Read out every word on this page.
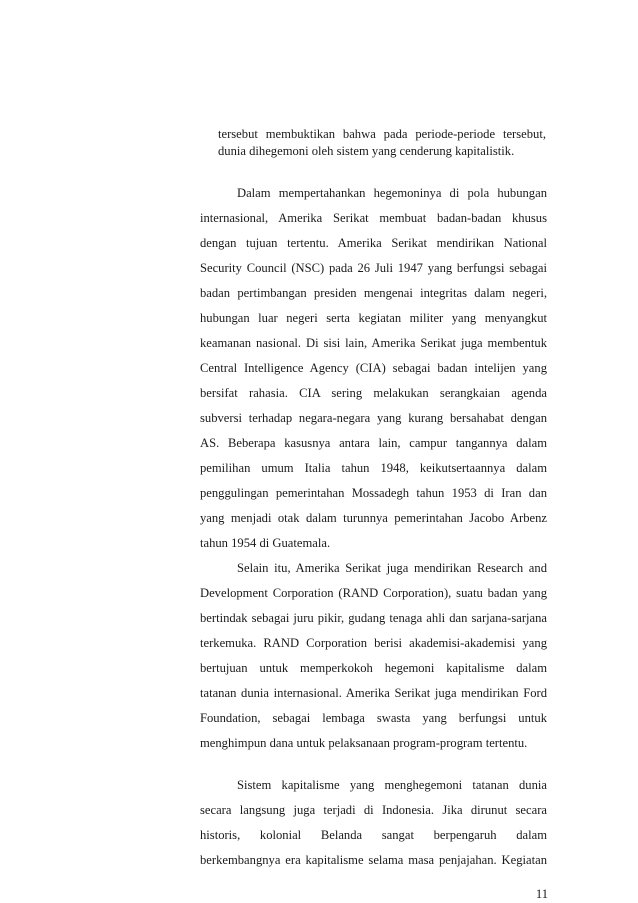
tersebut membuktikan bahwa pada periode-periode tersebut,
dunia dihegemoni oleh sistem yang cenderung kapitalistik.
Dalam mempertahankan hegemoninya di pola hubungan
internasional, Amerika Serikat membuat badan-badan khusus
dengan tujuan tertentu. Amerika Serikat mendirikan National
Security Council (NSC) pada 26 Juli 1947 yang berfungsi sebagai
badan pertimbangan presiden mengenai integritas dalam negeri,
hubungan luar negeri serta kegiatan militer yang menyangkut
keamanan nasional. Di sisi lain, Amerika Serikat juga membentuk
Central Intelligence Agency (CIA) sebagai badan intelijen yang
bersifat rahasia. CIA sering melakukan serangkaian agenda
subversi terhadap negara-negara yang kurang bersahabat dengan
AS. Beberapa kasusnya antara lain, campur tangannya dalam
pemilihan umum Italia tahun 1948, keikutsertaannya dalam
penggulingan pemerintahan Mossadegh tahun 1953 di Iran dan
yang menjadi otak dalam turunnya pemerintahan Jacobo Arbenz
tahun 1954 di Guatemala.
Selain itu, Amerika Serikat juga mendirikan Research and
Development Corporation (RAND Corporation), suatu badan yang
bertindak sebagai juru pikir, gudang tenaga ahli dan sarjana-sarjana
terkemuka. RAND Corporation berisi akademisi-akademisi yang
bertujuan untuk memperkokoh hegemoni kapitalisme dalam
tatanan dunia internasional. Amerika Serikat juga mendirikan Ford
Foundation, sebagai lembaga swasta yang berfungsi untuk
menghimpun dana untuk pelaksanaan program-program tertentu.
Sistem kapitalisme yang menghegemoni tatanan dunia
secara langsung juga terjadi di Indonesia. Jika dirunut secara
historis, kolonial Belanda sangat berpengaruh dalam
berkembangnya era kapitalisme selama masa penjajahan. Kegiatan
11
